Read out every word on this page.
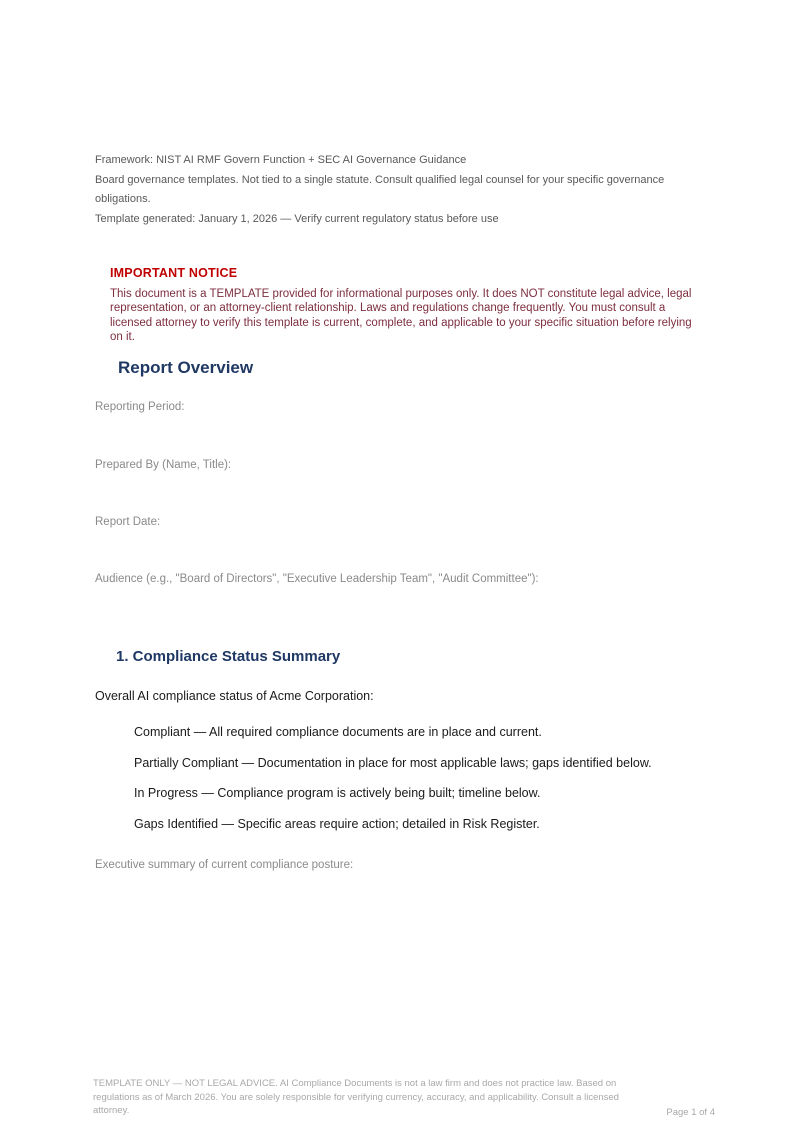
Framework: NIST AI RMF Govern Function + SEC AI Governance Guidance
Board governance templates. Not tied to a single statute. Consult qualified legal counsel for your specific governance obligations.
Template generated: January 1, 2026 — Verify current regulatory status before use
IMPORTANT NOTICE
This document is a TEMPLATE provided for informational purposes only. It does NOT constitute legal advice, legal representation, or an attorney-client relationship. Laws and regulations change frequently. You must consult a licensed attorney to verify this template is current, complete, and applicable to your specific situation before relying on it.
Report Overview
Reporting Period:
Prepared By (Name, Title):
Report Date:
Audience (e.g., "Board of Directors", "Executive Leadership Team", "Audit Committee"):
1. Compliance Status Summary
Overall AI compliance status of Acme Corporation:
Compliant — All required compliance documents are in place and current.
Partially Compliant — Documentation in place for most applicable laws; gaps identified below.
In Progress — Compliance program is actively being built; timeline below.
Gaps Identified — Specific areas require action; detailed in Risk Register.
Executive summary of current compliance posture:
TEMPLATE ONLY — NOT LEGAL ADVICE. AI Compliance Documents is not a law firm and does not practice law. Based on regulations as of March 2026. You are solely responsible for verifying currency, accuracy, and applicability. Consult a licensed attorney.	Page 1 of 4
